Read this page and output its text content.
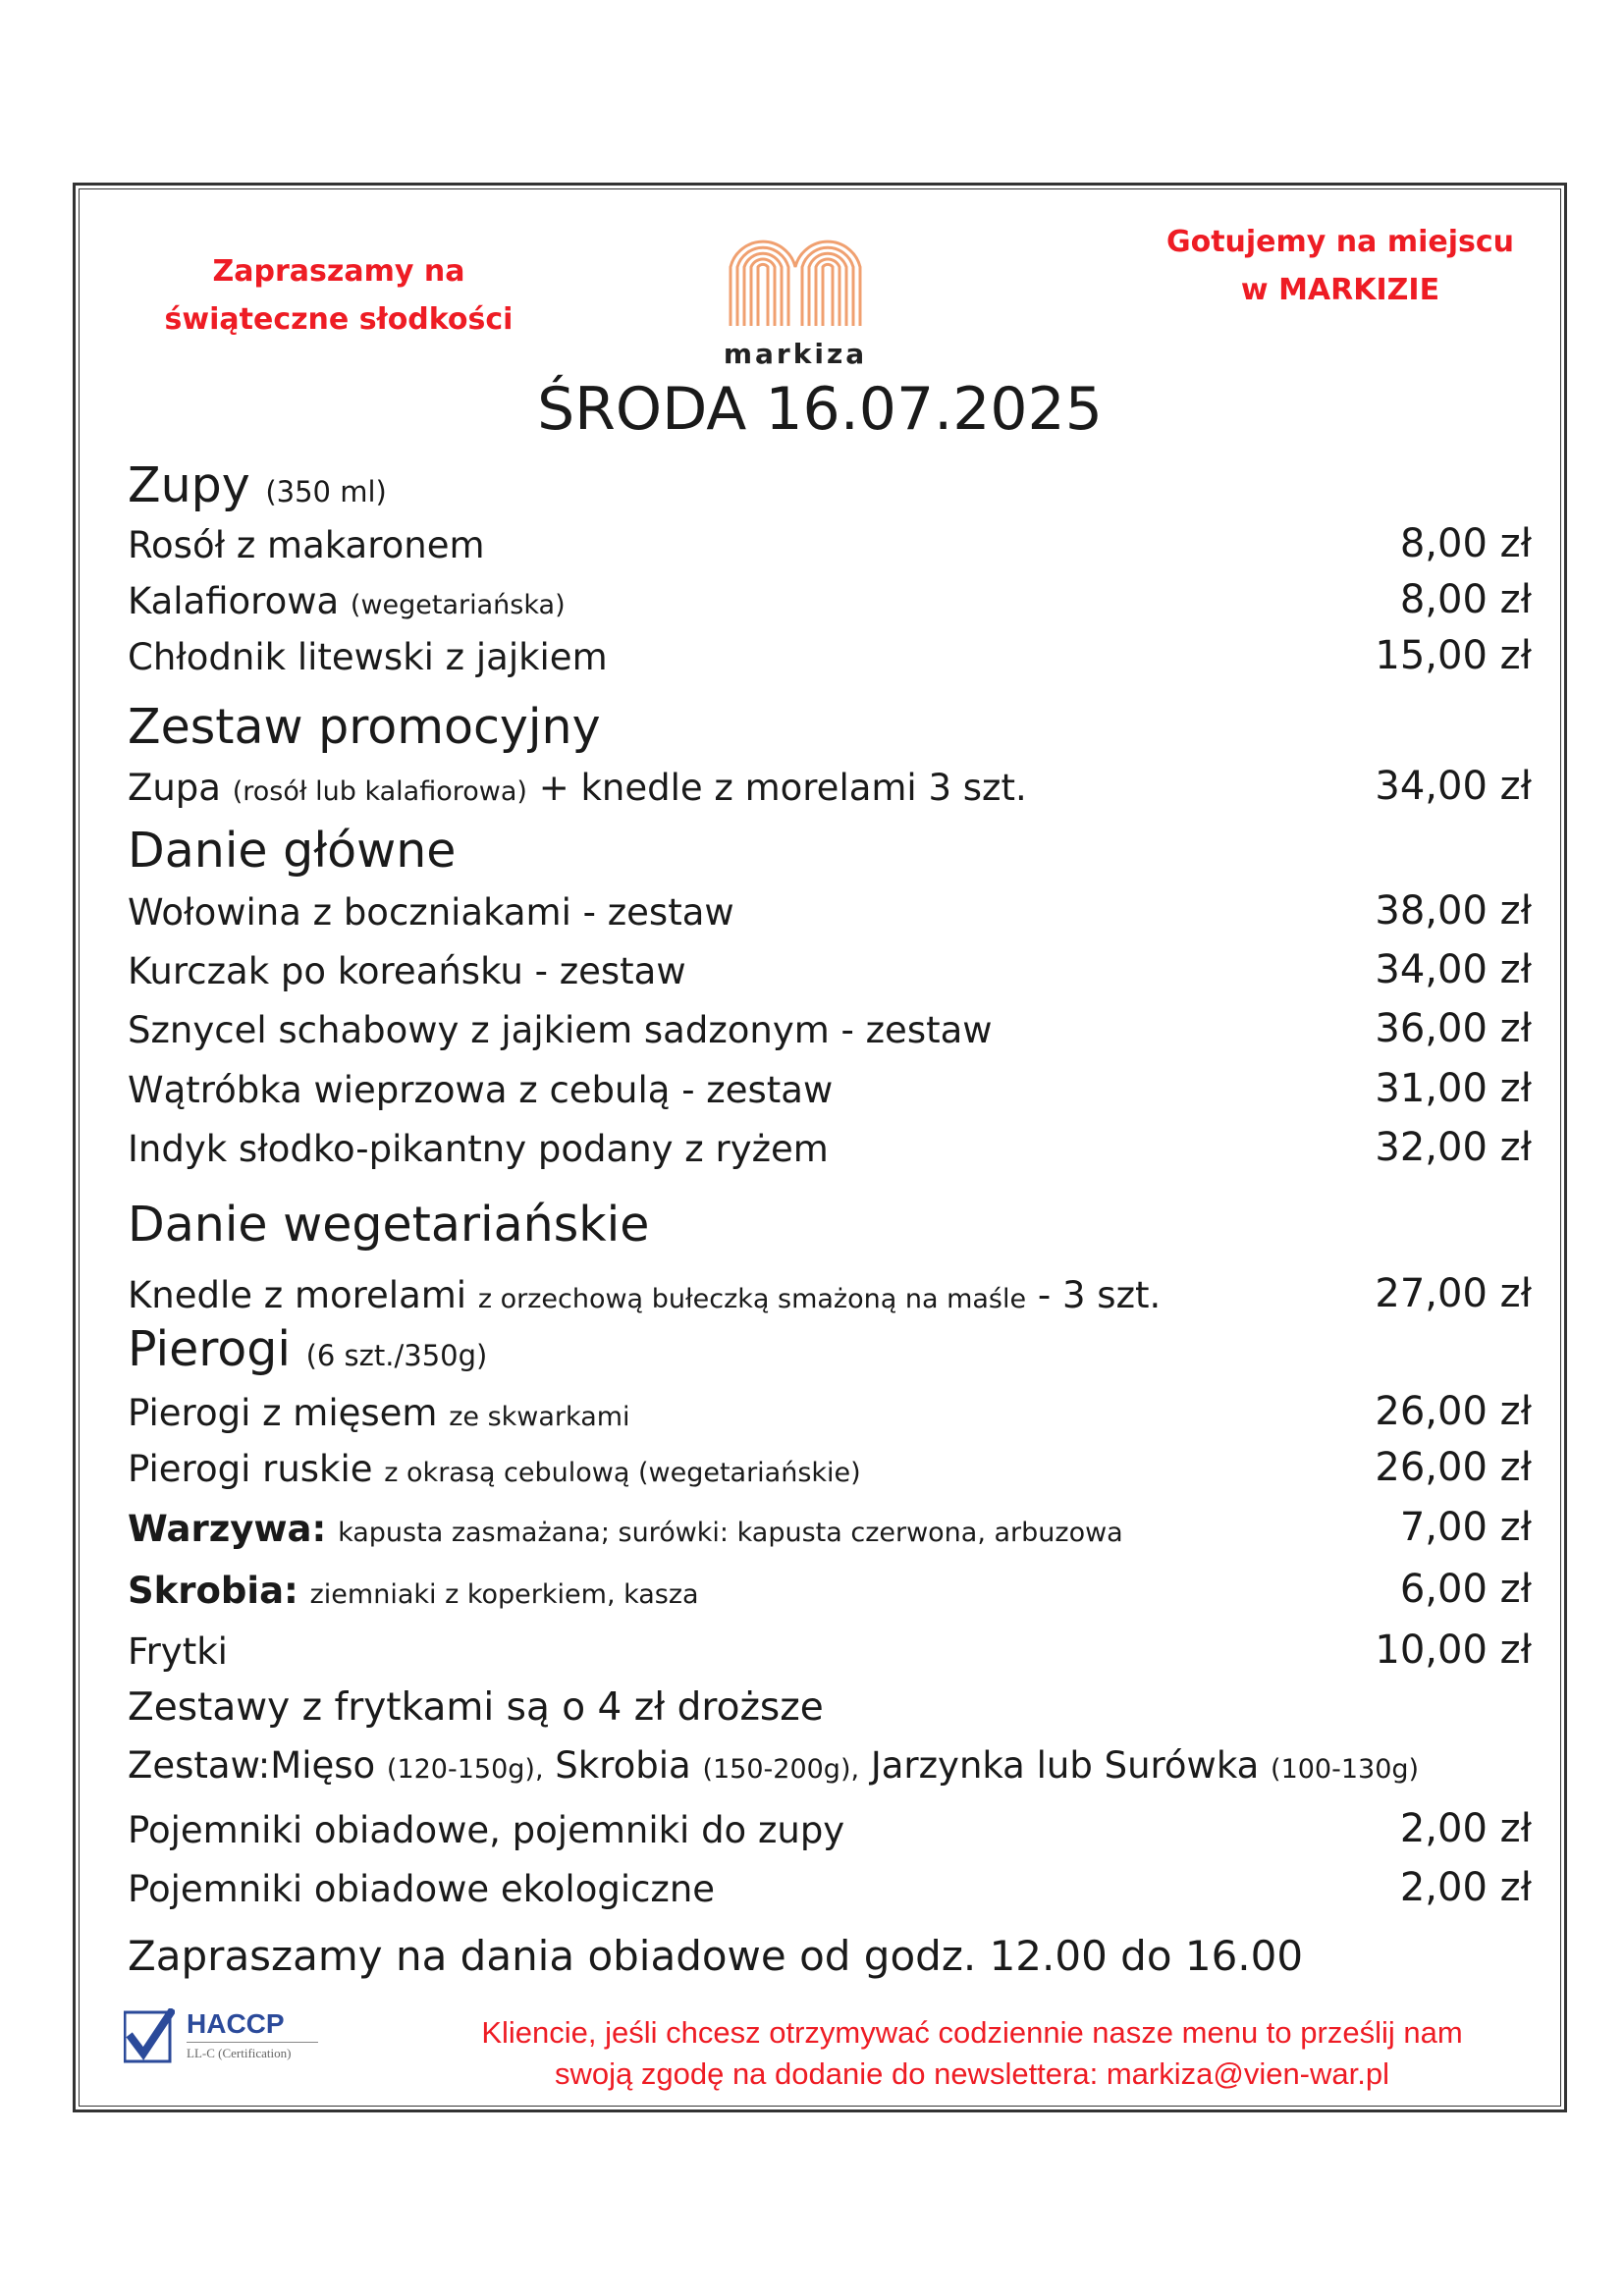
Zapraszamy na
świąteczne słodkości
markiza
Gotujemy na miejscu
w MARKIZIE
ŚRODA 16.07.2025
Zupy (350 ml)
Rosół z makaronem	8,00 zł
Kalafiorowa (wegetariańska)	8,00 zł
Chłodnik litewski z jajkiem	15,00 zł
Zestaw promocyjny
Zupa (rosół lub kalafiorowa) + knedle z morelami 3 szt.	34,00 zł
Danie główne
Wołowina z boczniakami - zestaw	38,00 zł
Kurczak po koreańsku - zestaw	34,00 zł
Sznycel schabowy z jajkiem sadzonym - zestaw	36,00 zł
Wątróbka wieprzowa z cebulą - zestaw	31,00 zł
Indyk słodko-pikantny podany z ryżem	32,00 zł
Danie wegetariańskie
Knedle z morelami z orzechową bułeczką smażoną na maśle - 3 szt.	27,00 zł
Pierogi (6 szt./350g)
Pierogi z mięsem ze skwarkami	26,00 zł
Pierogi ruskie z okrasą cebulową (wegetariańskie)	26,00 zł
Warzywa: kapusta zasmażana; surówki: kapusta czerwona, arbuzowa	7,00 zł
Skrobia: ziemniaki z koperkiem, kasza	6,00 zł
Frytki	10,00 zł
Zestawy z frytkami są o 4 zł droższe
Zestaw:Mięso (120-150g), Skrobia (150-200g), Jarzynka lub Surówka (100-130g)
Pojemniki obiadowe, pojemniki do zupy	2,00 zł
Pojemniki obiadowe ekologiczne	2,00 zł
Zapraszamy na dania obiadowe od godz. 12.00 do 16.00
HACCP
LL-C (Certification)
Kliencie, jeśli chcesz otrzymywać codziennie nasze menu to prześlij nam
swoją zgodę na dodanie do newslettera: markiza@vien-war.pl
